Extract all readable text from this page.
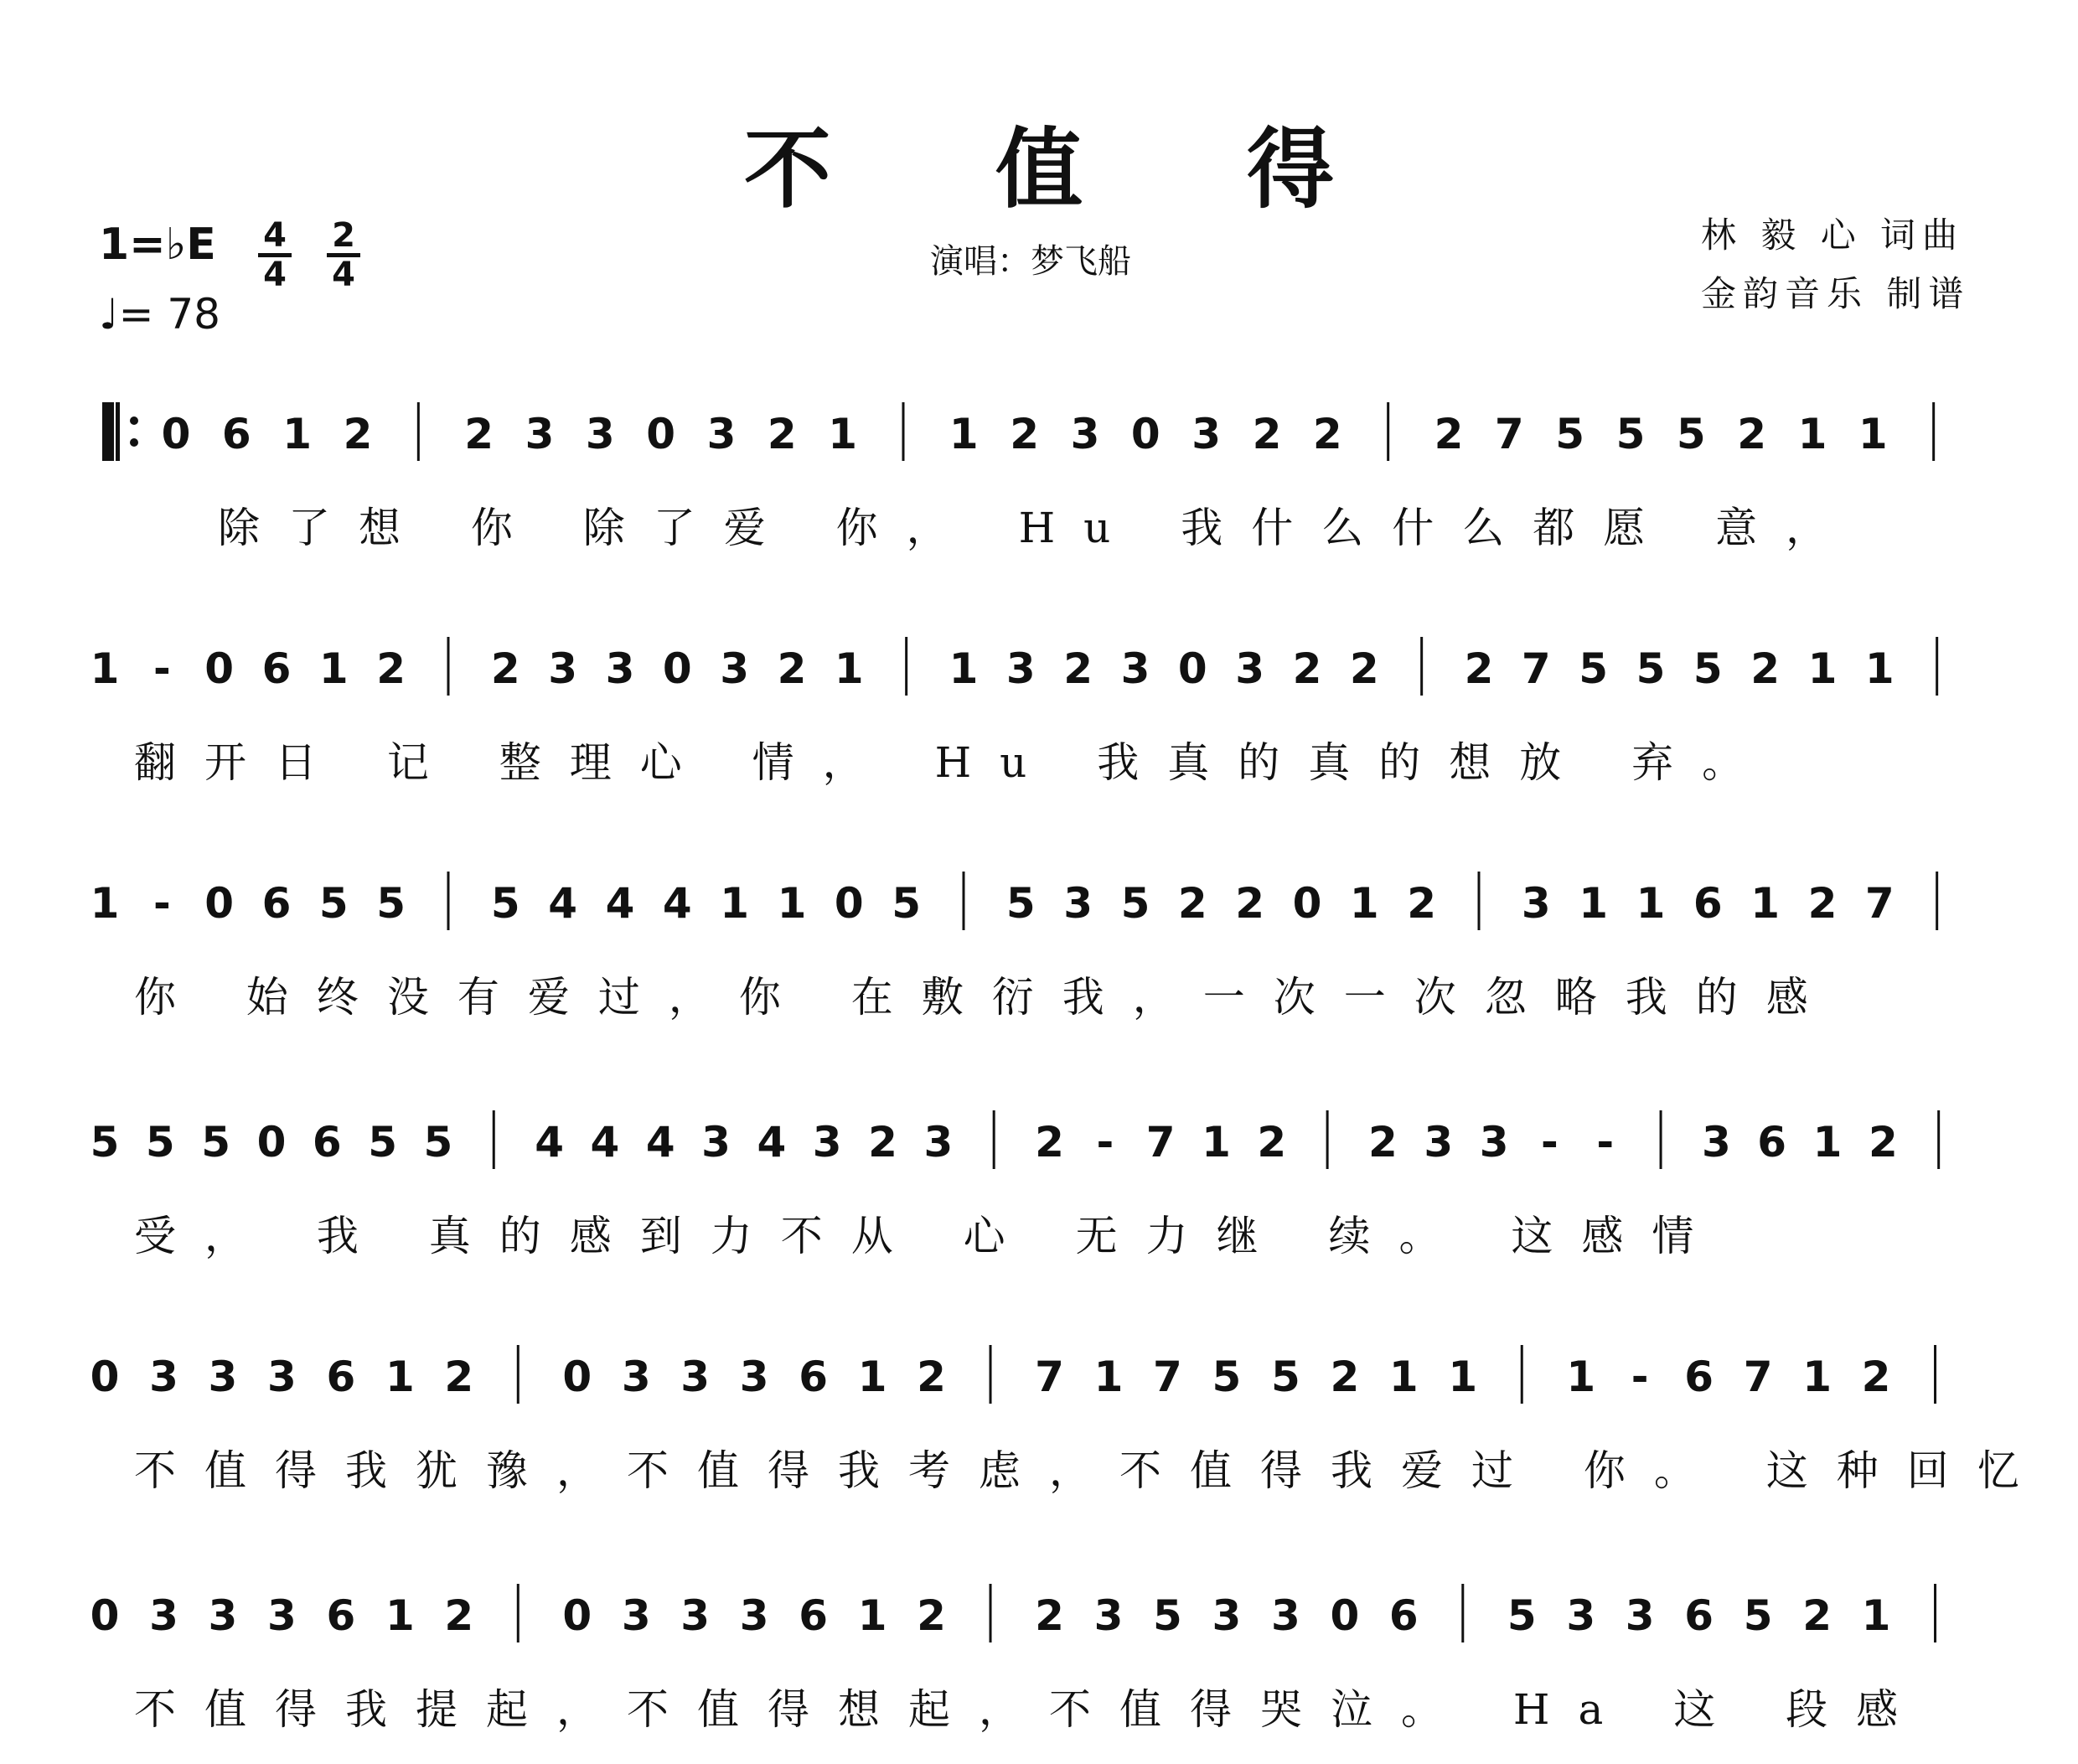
不 值 得
1=♭E 4
4
2
4
♩= 78
演唱：梦飞船
林 毅 心 词曲
金韵音乐 制谱
0 6 1 2 2 3 3 0 3 2 1 1 2 3 0 3 2 2 2 7 5 5 5 2 1 1
除了想 你 除了爱 你， Hu 我什么什么都愿 意，
1 - 0 6 1 2 2 3 3 0 3 2 1 1 3 2 3 0 3 2 2 2 7 5 5 5 2 1 1
翻开日 记 整理心 情， Hu 我真的真的想放 弃。
1 - 0 6 5 5 5 4 4 4 1 1 0 5 5 3 5 2 2 0 1 2 3 1 1 6 1 2 7
你 始终没有爱过，你 在敷衍我，一次一次忽略我的感
5 5 5 0 6 5 5 4 4 4 3 4 3 2 3 2 - 7 1 2 2 3 3 - - 3 6 1 2
受， 我 真的感到力不从 心 无力继 续。 这感情
0 3 3 3 6 1 2 0 3 3 3 6 1 2 7 1 7 5 5 2 1 1 1 - 6 7 1 2
不值得我犹豫，不值得我考虑，不值得我爱过 你。 这种回忆
0 3 3 3 6 1 2 0 3 3 3 6 1 2 2 3 5 3 3 0 6 5 3 3 6 5 2 1
不值得我提起，不值得想起，不值得哭泣。 Ha 这 段感
